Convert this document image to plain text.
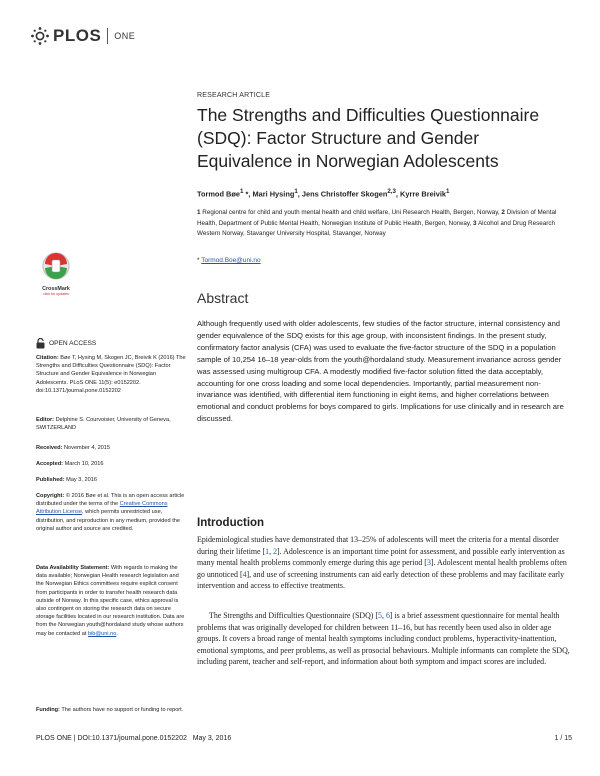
PLOS ONE
RESEARCH ARTICLE
The Strengths and Difficulties Questionnaire (SDQ): Factor Structure and Gender Equivalence in Norwegian Adolescents
Tormod Bøe$^1$ *, Mari Hysing$^1$, Jens Christoffer Skogen$^{2,3}$, Kyrre Breivik$^1$
1 Regional centre for child and youth mental health and child welfare, Uni Research Health, Bergen, Norway, 2 Division of Mental Health, Department of Public Mental Health, Norwegian Institute of Public Health, Bergen, Norway, 3 Alcohol and Drug Research Western Norway, Stavanger University Hospital, Stavanger, Norway
* Tormod.Boe@uni.no
Abstract
Although frequently used with older adolescents, few studies of the factor structure, internal consistency and gender equivalence of the SDQ exists for this age group, with inconsistent findings. In the present study, confirmatory factor analysis (CFA) was used to evaluate the five-factor structure of the SDQ in a population sample of 10,254 16–18 year-olds from the youth@hordaland study. Measurement invariance across gender was assessed using multigroup CFA. A modestly modified five-factor solution fitted the data acceptably, accounting for one cross loading and some local dependencies. Importantly, partial measurement non-invariance was identified, with differential item functioning in eight items, and higher correlations between emotional and conduct problems for boys compared to girls. Implications for use clinically and in research are discussed.
Introduction
Epidemiological studies have demonstrated that 13–25% of adolescents will meet the criteria for a mental disorder during their lifetime [1, 2]. Adolescence is an important time point for assessment, and possible early intervention as many mental health problems commonly emerge during this age period [3]. Adolescent mental health problems often go unnoticed [4], and use of screening instruments can aid early detection of these problems and may facilitate early intervention and access to effective treatments.
The Strengths and Difficulties Questionnaire (SDQ) [5, 6] is a brief assessment questionnaire for mental health problems that was originally developed for children between 11–16, but has recently been used also in older age groups. It covers a broad range of mental health symptoms including conduct problems, hyperactivity-inattention, emotional symptoms, and peer problems, as well as prosocial behaviours. Multiple informants can complete the SDQ, including parent, teacher and self-report, and information about both symptom and impact scores are included.
CrossMark
click for updates
OPEN ACCESS
Citation: Bøe T, Hysing M, Skogen JC, Breivik K (2016) The Strengths and Difficulties Questionnaire (SDQ): Factor Structure and Gender Equivalence in Norwegian Adolescents. PLoS ONE 11(5): e0152202. doi:10.1371/journal.pone.0152202
Editor: Delphine S. Courvoisier, University of Geneva, SWITZERLAND
Received: November 4, 2015
Accepted: March 10, 2016
Published: May 3, 2016
Copyright: © 2016 Bøe et al. This is an open access article distributed under the terms of the Creative Commons Attribution License, which permits unrestricted use, distribution, and reproduction in any medium, provided the original author and source are credited.
Data Availability Statement: With regards to making the data available; Norwegian Health research legislation and the Norwegian Ethics committees require explicit consent from participants in order to transfer health research data outside of Norway. In this specific case, ethics approval is also contingent on storing the research data on secure storage facilities located in our research institution. Data are from the Norwegian youth@hordaland study whose authors may be contacted at bib@uni.no.
Funding: The authors have no support or funding to report.
PLOS ONE | DOI:10.1371/journal.pone.0152202   May 3, 2016	1 / 15
